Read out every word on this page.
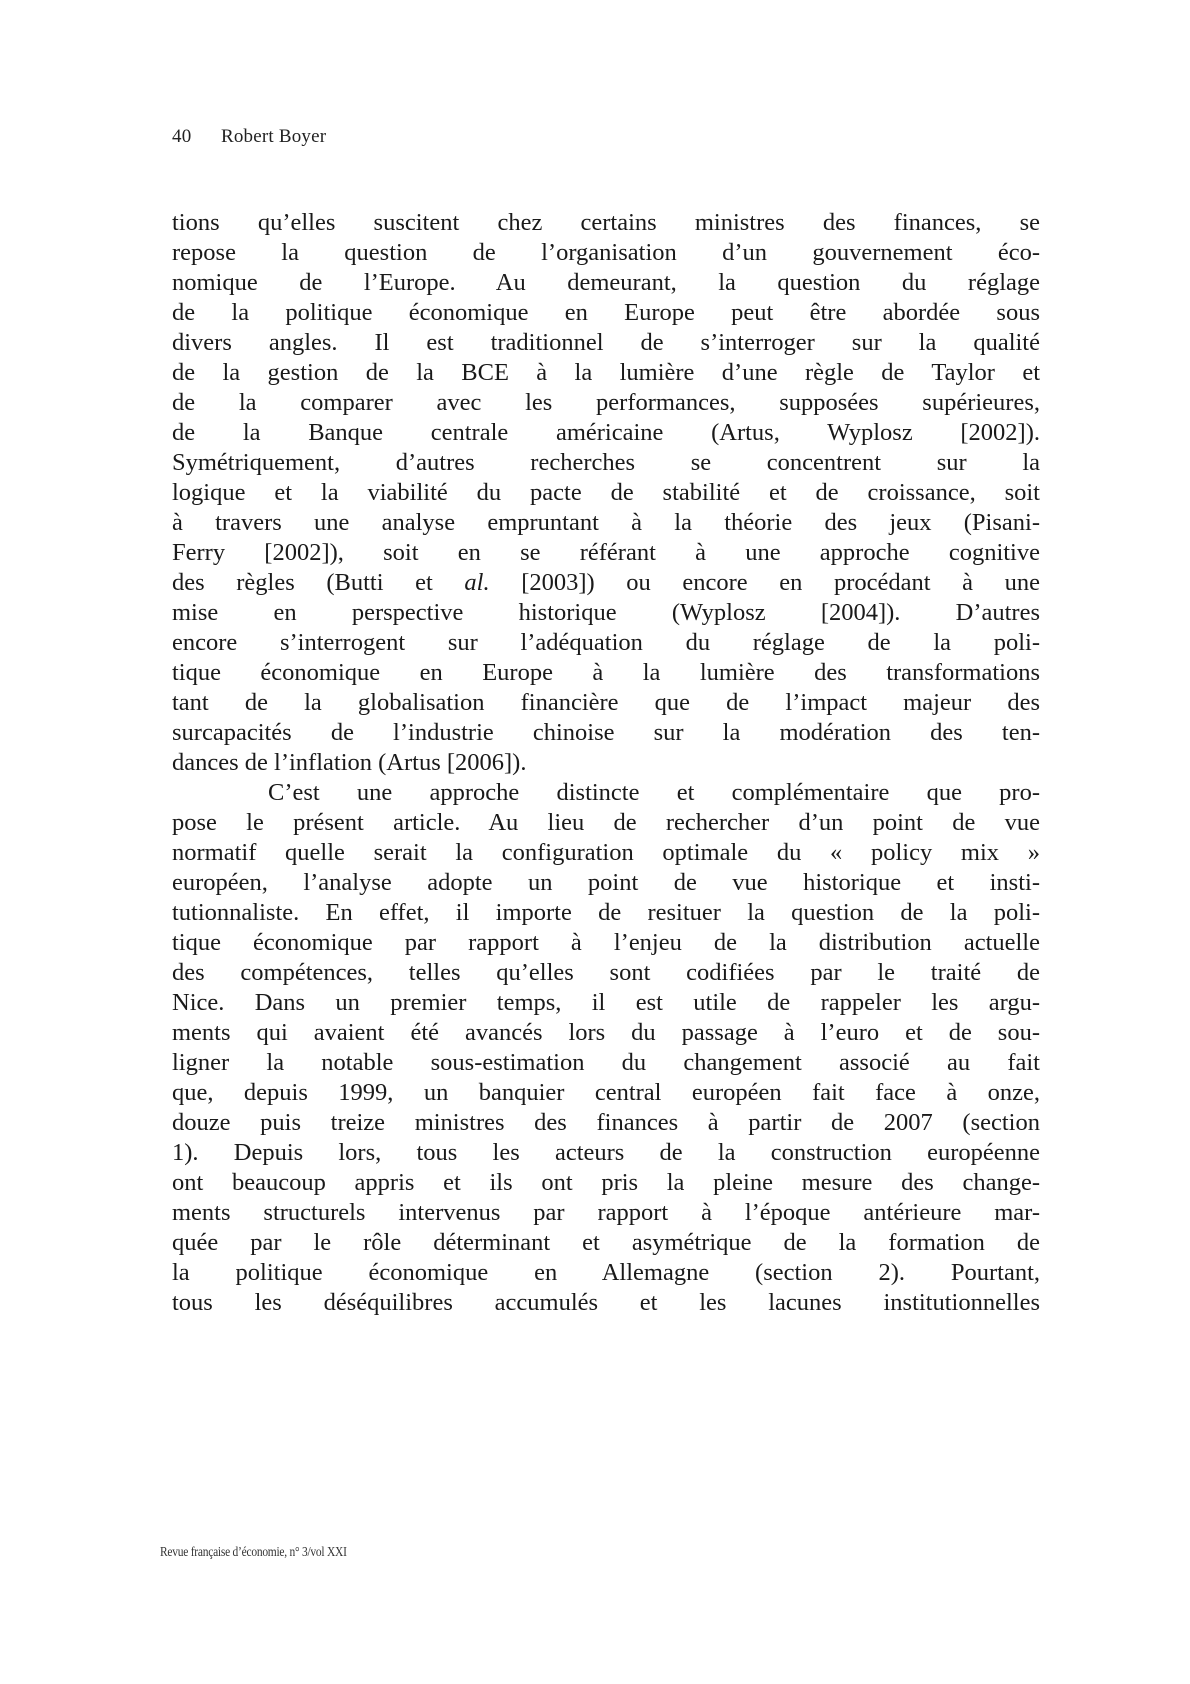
40 Robert Boyer
tions qu’elles suscitent chez certains ministres des finances, se
repose la question de l’organisation d’un gouvernement éco-
nomique de l’Europe. Au demeurant, la question du réglage
de la politique économique en Europe peut être abordée sous
divers angles. Il est traditionnel de s’interroger sur la qualité
de la gestion de la BCE à la lumière d’une règle de Taylor et
de la comparer avec les performances, supposées supérieures,
de la Banque centrale américaine (Artus, Wyplosz [2002]).
Symétriquement, d’autres recherches se concentrent sur la
logique et la viabilité du pacte de stabilité et de croissance, soit
à travers une analyse empruntant à la théorie des jeux (Pisani-
Ferry [2002]), soit en se référant à une approche cognitive
des règles (Butti et al. [2003]) ou encore en procédant à une
mise en perspective historique (Wyplosz [2004]). D’autres
encore s’interrogent sur l’adéquation du réglage de la poli-
tique économique en Europe à la lumière des transformations
tant de la globalisation financière que de l’impact majeur des
surcapacités de l’industrie chinoise sur la modération des ten-
dances de l’inflation (Artus [2006]).
C’est une approche distincte et complémentaire que pro-
pose le présent article. Au lieu de rechercher d’un point de vue
normatif quelle serait la configuration optimale du « policy mix »
européen, l’analyse adopte un point de vue historique et insti-
tutionnaliste. En effet, il importe de resituer la question de la poli-
tique économique par rapport à l’enjeu de la distribution actuelle
des compétences, telles qu’elles sont codifiées par le traité de
Nice. Dans un premier temps, il est utile de rappeler les argu-
ments qui avaient été avancés lors du passage à l’euro et de sou-
ligner la notable sous-estimation du changement associé au fait
que, depuis 1999, un banquier central européen fait face à onze,
douze puis treize ministres des finances à partir de 2007 (section
1). Depuis lors, tous les acteurs de la construction européenne
ont beaucoup appris et ils ont pris la pleine mesure des change-
ments structurels intervenus par rapport à l’époque antérieure mar-
quée par le rôle déterminant et asymétrique de la formation de
la politique économique en Allemagne (section 2). Pourtant,
tous les déséquilibres accumulés et les lacunes institutionnelles
Revue française d’économie, n° 3/vol XXI
